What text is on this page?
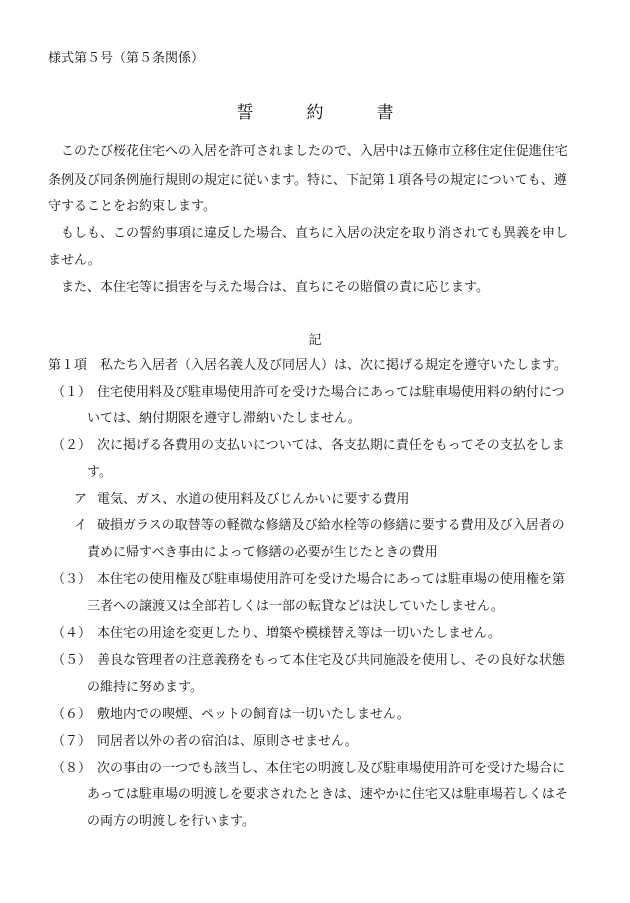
様式第５号（第５条関係）
誓　約　書
このたび桜花住宅への入居を許可されましたので、入居中は五條市立移住定住促進住宅
条例及び同条例施行規則の規定に従います。特に、下記第１項各号の規定についても、遵
守することをお約束します。
もしも、この誓約事項に違反した場合、直ちに入居の決定を取り消されても異義を申し
ません。
また、本住宅等に損害を与えた場合は、直ちにその賠償の責に応じます。
記
第１項　私たち入居者（入居名義人及び同居人）は、次に掲げる規定を遵守いたします。
（１） 住宅使用料及び駐車場使用許可を受けた場合にあっては駐車場使用料の納付につ
いては、納付期限を遵守し滞納いたしません。
（２） 次に掲げる各費用の支払いについては、各支払期に責任をもってその支払をしま
す。
ア 電気、ガス、水道の使用料及びじんかいに要する費用
イ 破損ガラスの取替等の軽微な修繕及び給水栓等の修繕に要する費用及び入居者の
責めに帰すべき事由によって修繕の必要が生じたときの費用
（３） 本住宅の使用権及び駐車場使用許可を受けた場合にあっては駐車場の使用権を第
三者への譲渡又は全部若しくは一部の転貸などは決していたしません。
（４） 本住宅の用途を変更したり、増築や模様替え等は一切いたしません。
（５） 善良な管理者の注意義務をもって本住宅及び共同施設を使用し、その良好な状態
の維持に努めます。
（６） 敷地内での喫煙、ペットの飼育は一切いたしません。
（７） 同居者以外の者の宿泊は、原則させません。
（８） 次の事由の一つでも該当し、本住宅の明渡し及び駐車場使用許可を受けた場合に
あっては駐車場の明渡しを要求されたときは、速やかに住宅又は駐車場若しくはそ
の両方の明渡しを行います。
